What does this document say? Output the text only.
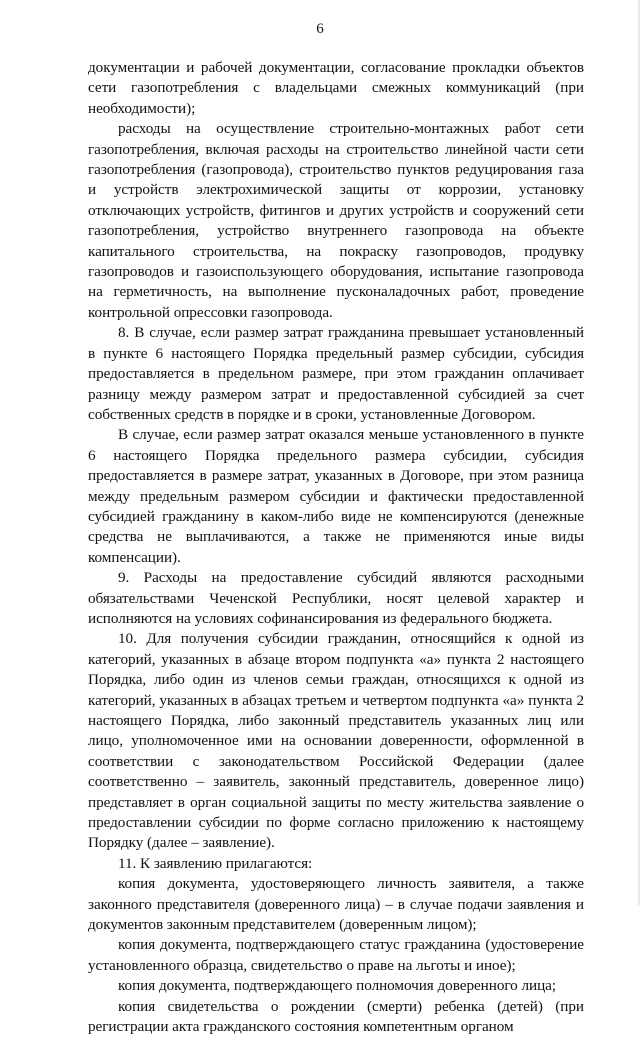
6

документации и рабочей документации, согласование прокладки объектов сети газопотребления с владельцами смежных коммуникаций (при необходимости);

расходы на осуществление строительно-монтажных работ сети газопотребления, включая расходы на строительство линейной части сети газопотребления (газопровода), строительство пунктов редуцирования газа и устройств электрохимической защиты от коррозии, установку отключающих устройств, фитингов и других устройств и сооружений сети газопотребления, устройство внутреннего газопровода на объекте капитального строительства, на покраску газопроводов, продувку газопроводов и газоиспользующего оборудования, испытание газопровода на герметичность, на выполнение пусконаладочных работ, проведение контрольной опрессовки газопровода.

8. В случае, если размер затрат гражданина превышает установленный в пункте 6 настоящего Порядка предельный размер субсидии, субсидия предоставляется в предельном размере, при этом гражданин оплачивает разницу между размером затрат и предоставленной субсидией за счет собственных средств в порядке и в сроки, установленные Договором.

В случае, если размер затрат оказался меньше установленного в пункте 6 настоящего Порядка предельного размера субсидии, субсидия предоставляется в размере затрат, указанных в Договоре, при этом разница между предельным размером субсидии и фактически предоставленной субсидией гражданину в каком-либо виде не компенсируются (денежные средства не выплачиваются, а также не применяются иные виды компенсации).

9. Расходы на предоставление субсидий являются расходными обязательствами Чеченской Республики, носят целевой характер и исполняются на условиях софинансирования из федерального бюджета.

10. Для получения субсидии гражданин, относящийся к одной из категорий, указанных в абзаце втором подпункта «а» пункта 2 настоящего Порядка, либо один из членов семьи граждан, относящихся к одной из категорий, указанных в абзацах третьем и четвертом подпункта «а» пункта 2 настоящего Порядка, либо законный представитель указанных лиц или лицо, уполномоченное ими на основании доверенности, оформленной в соответствии с законодательством Российской Федерации (далее соответственно – заявитель, законный представитель, доверенное лицо) представляет в орган социальной защиты по месту жительства заявление о предоставлении субсидии по форме согласно приложению к настоящему Порядку (далее – заявление).

11. К заявлению прилагаются:

копия документа, удостоверяющего личность заявителя, а также законного представителя (доверенного лица) – в случае подачи заявления и документов законным представителем (доверенным лицом);

копия документа, подтверждающего статус гражданина (удостоверение установленного образца, свидетельство о праве на льготы и иное);

копия документа, подтверждающего полномочия доверенного лица;

копия свидетельства о рождении (смерти) ребенка (детей) (при регистрации акта гражданского состояния компетентным органом
